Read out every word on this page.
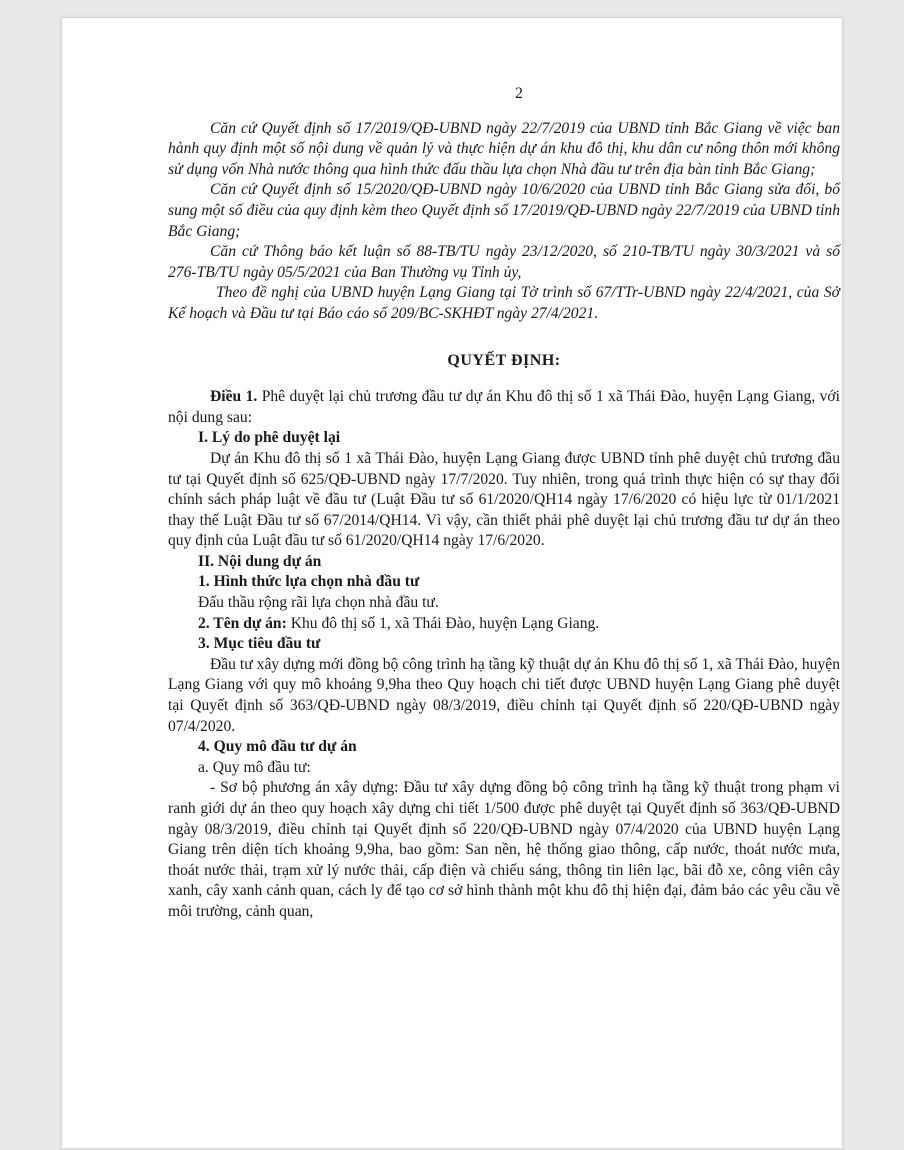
2

Căn cứ Quyết định số 17/2019/QĐ-UBND ngày 22/7/2019 của UBND tỉnh Bắc Giang về việc ban hành quy định một số nội dung về quản lý và thực hiện dự án khu đô thị, khu dân cư nông thôn mới không sử dụng vốn Nhà nước thông qua hình thức đấu thầu lựa chọn Nhà đầu tư trên địa bàn tỉnh Bắc Giang;

Căn cứ Quyết định số 15/2020/QĐ-UBND ngày 10/6/2020 của UBND tỉnh Bắc Giang sửa đổi, bổ sung một số điều của quy định kèm theo Quyết định số 17/2019/QĐ-UBND ngày 22/7/2019 của UBND tỉnh Bắc Giang;

Căn cứ Thông báo kết luận số 88-TB/TU ngày 23/12/2020, số 210-TB/TU ngày 30/3/2021 và số 276-TB/TU ngày 05/5/2021 của Ban Thường vụ Tỉnh ủy,

Theo đề nghị của UBND huyện Lạng Giang tại Tờ trình số 67/TTr-UBND ngày 22/4/2021, của Sở Kế hoạch và Đầu tư tại Báo cáo số 209/BC-SKHĐT ngày 27/4/2021.

QUYẾT ĐỊNH:

Điều 1. Phê duyệt lại chủ trương đầu tư dự án Khu đô thị số 1 xã Thái Đào, huyện Lạng Giang, với nội dung sau:

I. Lý do phê duyệt lại

Dự án Khu đô thị số 1 xã Thái Đào, huyện Lạng Giang được UBND tỉnh phê duyệt chủ trương đầu tư tại Quyết định số 625/QĐ-UBND ngày 17/7/2020. Tuy nhiên, trong quá trình thực hiện có sự thay đổi chính sách pháp luật về đầu tư (Luật Đầu tư số 61/2020/QH14 ngày 17/6/2020 có hiệu lực từ 01/1/2021 thay thế Luật Đầu tư số 67/2014/QH14. Vì vậy, cần thiết phải phê duyệt lại chủ trương đầu tư dự án theo quy định của Luật đầu tư số 61/2020/QH14 ngày 17/6/2020.

II. Nội dung dự án

1. Hình thức lựa chọn nhà đầu tư

Đấu thầu rộng rãi lựa chọn nhà đầu tư.

2. Tên dự án: Khu đô thị số 1, xã Thái Đào, huyện Lạng Giang.

3. Mục tiêu đầu tư

Đầu tư xây dựng mới đồng bộ công trình hạ tầng kỹ thuật dự án Khu đô thị số 1, xã Thái Đào, huyện Lạng Giang với quy mô khoảng 9,9ha theo Quy hoạch chi tiết được UBND huyện Lạng Giang phê duyệt tại Quyết định số 363/QĐ-UBND ngày 08/3/2019, điều chỉnh tại Quyết định số 220/QĐ-UBND ngày 07/4/2020.

4. Quy mô đầu tư dự án

a. Quy mô đầu tư:

- Sơ bộ phương án xây dựng: Đầu tư xây dựng đồng bộ công trình hạ tầng kỹ thuật trong phạm vi ranh giới dự án theo quy hoạch xây dựng chi tiết 1/500 được phê duyệt tại Quyết định số 363/QĐ-UBND ngày 08/3/2019, điều chỉnh tại Quyết định số 220/QĐ-UBND ngày 07/4/2020 của UBND huyện Lạng Giang trên diện tích khoảng 9,9ha, bao gồm: San nền, hệ thống giao thông, cấp nước, thoát nước mưa, thoát nước thải, trạm xử lý nước thải, cấp điện và chiếu sáng, thông tin liên lạc, bãi đỗ xe, công viên cây xanh, cây xanh cảnh quan, cách ly để tạo cơ sở hình thành một khu đô thị hiện đại, đảm bảo các yêu cầu về môi trường, cảnh quan,
